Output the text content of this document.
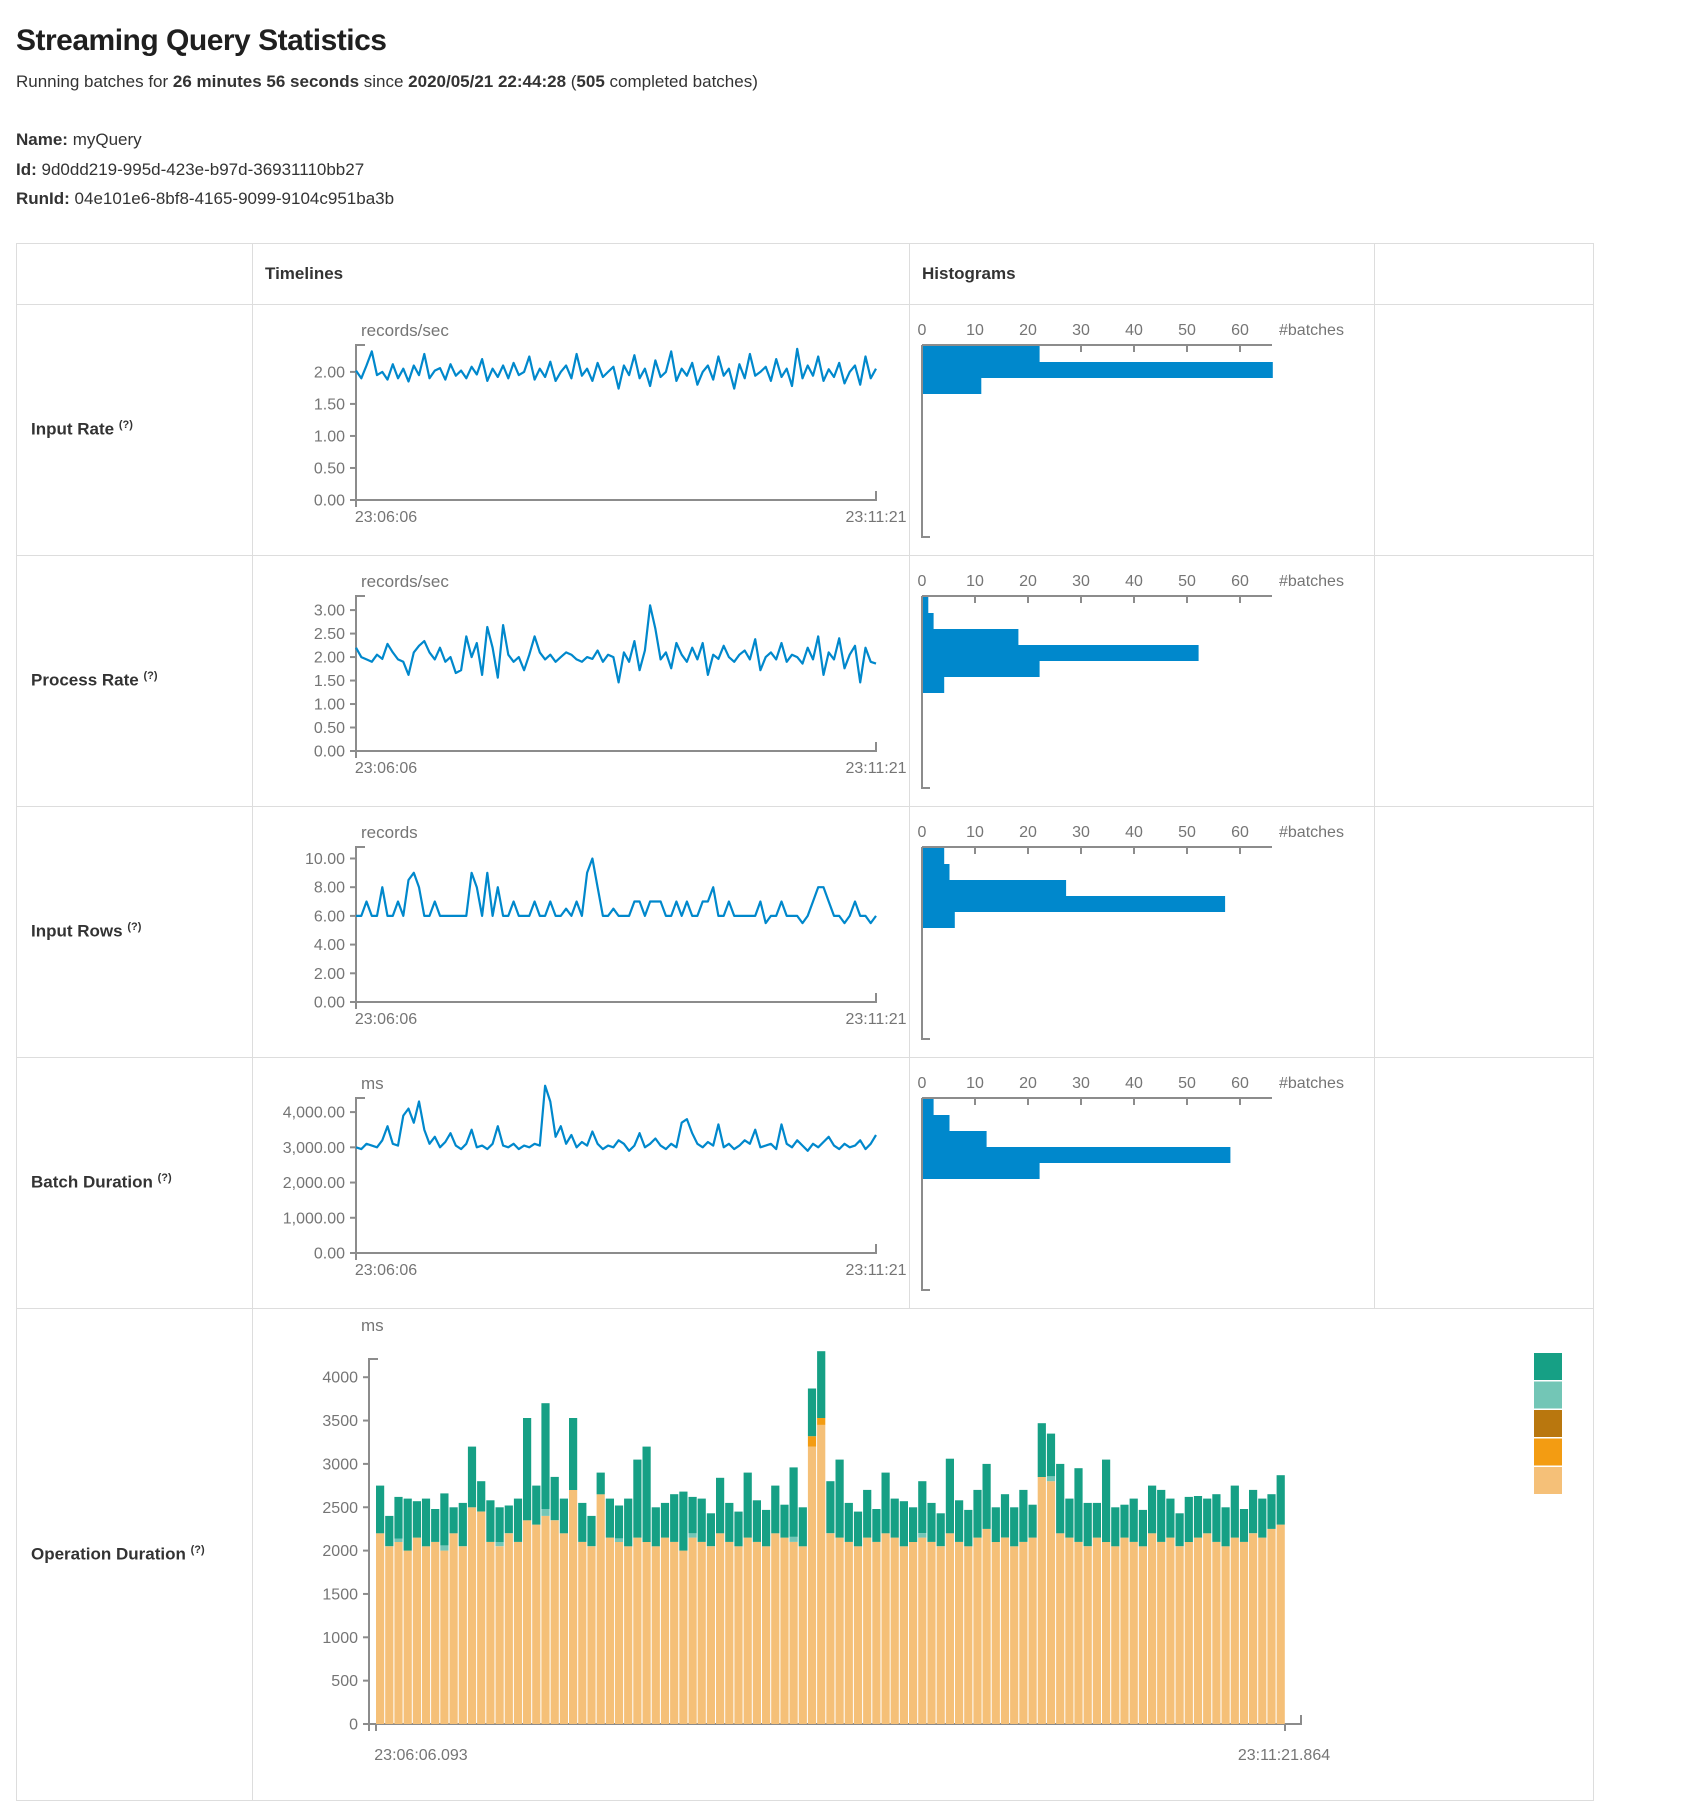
Streaming Query Statistics

Running batches for 26 minutes 56 seconds since 2020/05/21 22:44:28 (505 completed batches)

Name: myQuery

Id: 9d0dd219-995d-423e-b97d-36931110bb27

RunId: 04e101e6-8bf8-4165-9099-9104c951ba3b

	Timelines	Histograms	
Input Rate (?)	
records/sec
0.00
0.50
1.00
1.50
2.00
23:06:06	23:11:21

0 10 20 30 40 50 60 #batches

Process Rate (?)	
records/sec
0.00
0.50
1.00
1.50
2.00
2.50
3.00
23:06:06	23:11:21

0 10 20 30 40 50 60 #batches

Input Rows (?)	
records
0.00
2.00
4.00
6.00
8.00
10.00
23:06:06	23:11:21

0 10 20 30 40 50 60 #batches

Batch Duration (?)	
ms
0.00
1,000.00
2,000.00
3,000.00
4,000.00
23:06:06	23:11:21

0 10 20 30 40 50 60 #batches

Operation Duration (?)	
ms
0
500
1000
1500
2000
2500
3000
3500
4000
23:06:06.093	23:11:21.864
